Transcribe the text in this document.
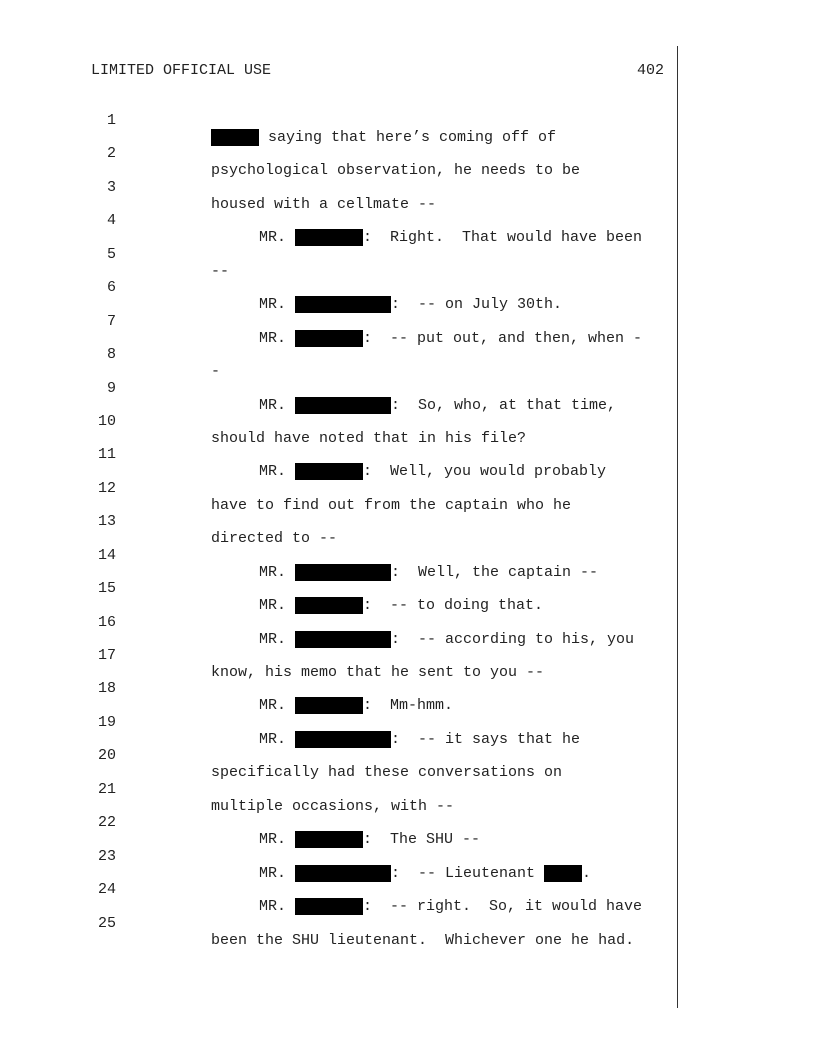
LIMITED OFFICIAL USE	402

1

saying that here’s coming off of

2

psychological observation, he needs to be

3

housed with a cellmate --

4

MR.	:  Right.  That would have been

5

--

6

MR.	:  -- on July 30th.

7

MR.	:  -- put out, and then, when -

8

-

9

MR.	:  So, who, at that time,

10

should have noted that in his file?

11

MR.	:  Well, you would probably

12

have to find out from the captain who he

13

directed to --

14

MR.	:  Well, the captain --

15

MR.	:  -- to doing that.

16

MR.	:  -- according to his, you

17

know, his memo that he sent to you --

18

MR.	:  Mm-hmm.

19

MR.	:  -- it says that he

20

specifically had these conversations on

21

multiple occasions, with --

22

MR.	:  The SHU --

23

MR.	:  -- Lieutenant	.

24

MR.	:  -- right.  So, it would have

25

been the SHU lieutenant.  Whichever one he had.
